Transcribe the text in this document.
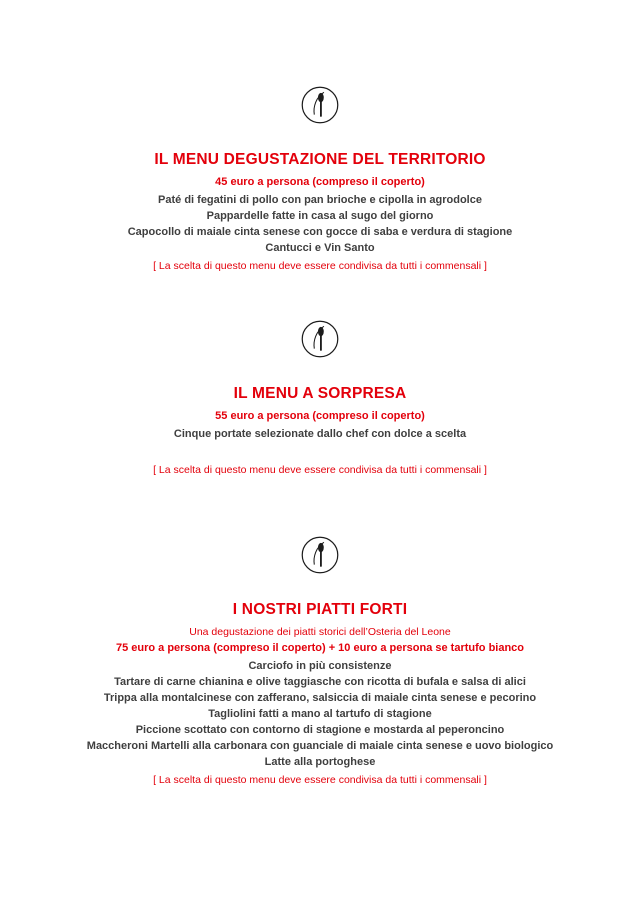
IL MENU DEGUSTAZIONE DEL TERRITORIO
45 euro a persona (compreso il coperto)
Paté di fegatini di pollo con pan brioche e cipolla in agrodolce
Pappardelle fatte in casa al sugo del giorno
Capocollo di maiale cinta senese con gocce di saba e verdura di stagione
Cantucci e Vin Santo
[ La scelta di questo menu deve essere condivisa da tutti i commensali ]
IL MENU A SORPRESA
55 euro a persona (compreso il coperto)
Cinque portate selezionate dallo chef con dolce a scelta
[ La scelta di questo menu deve essere condivisa da tutti i commensali ]
I NOSTRI PIATTI FORTI
Una degustazione dei piatti storici dell’Osteria del Leone
75 euro a persona (compreso il coperto) + 10 euro a persona se tartufo bianco
Carciofo in più consistenze
Tartare di carne chianina e olive taggiasche con ricotta di bufala e salsa di alici
Trippa alla montalcinese con zafferano, salsiccia di maiale cinta senese e pecorino
Tagliolini fatti a mano al tartufo di stagione
Piccione scottato con contorno di stagione e mostarda al peperoncino
Maccheroni Martelli alla carbonara con guanciale di maiale cinta senese e uovo biologico
Latte alla portoghese
[ La scelta di questo menu deve essere condivisa da tutti i commensali ]
